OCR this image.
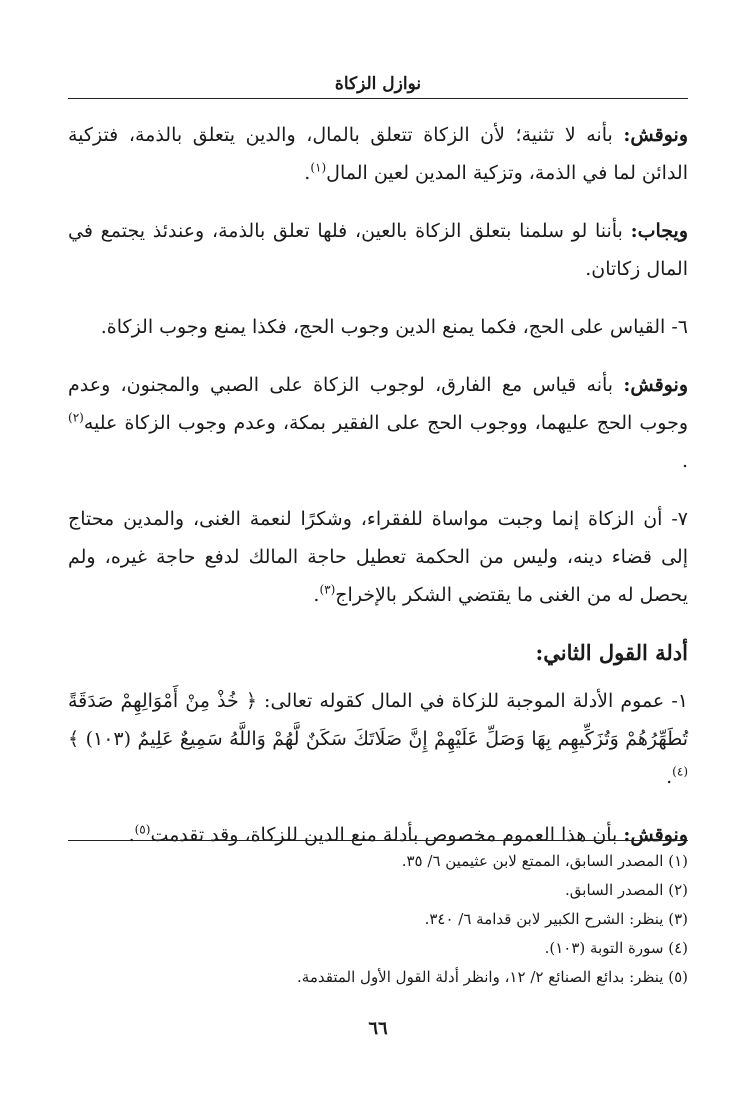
نوازل الزكاة

ونوقش: بأنه لا تثنية؛ لأن الزكاة تتعلق بالمال، والدين يتعلق بالذمة، فتزكية الدائن لما في الذمة، وتزكية المدين لعين المال$^{(١)}$.

ويجاب: بأننا لو سلمنا بتعلق الزكاة بالعين، فلها تعلق بالذمة، وعندئذ يجتمع في المال زكاتان.

٦- القياس على الحج، فكما يمنع الدين وجوب الحج، فكذا يمنع وجوب الزكاة.

ونوقش: بأنه قياس مع الفارق، لوجوب الزكاة على الصبي والمجنون، وعدم وجوب الحج عليهما، ووجوب الحج على الفقير بمكة، وعدم وجوب الزكاة عليه$^{(٢)}$ .

٧- أن الزكاة إنما وجبت مواساة للفقراء، وشكرًا لنعمة الغنى، والمدين محتاج إلى قضاء دينه، وليس من الحكمة تعطيل حاجة المالك لدفع حاجة غيره، ولم يحصل له من الغنى ما يقتضي الشكر بالإخراج$^{(٣)}$.

أدلة القول الثاني:

١- عموم الأدلة الموجبة للزكاة في المال كقوله تعالى: ﴿ خُذْ مِنْ أَمْوَالِهِمْ صَدَقَةً تُطَهِّرُهُمْ وَتُزَكِّيهِم بِهَا وَصَلِّ عَلَيْهِمْ إِنَّ صَلَاتَكَ سَكَنٌ لَّهُمْ وَاللَّهُ سَمِيعٌ عَلِيمٌ (١٠٣) ﴾$^{(٤)}$.

ونوقش: بأن هذا العموم مخصوص بأدلة منع الدين للزكاة، وقد تقدمت$^{(٥)}$.

(١) المصدر السابق، الممتع لابن عثيمين ٦/ ٣٥.
(٢) المصدر السابق.
(٣) ينظر: الشرح الكبير لابن قدامة ٦/ ٣٤٠.
(٤) سورة التوبة (١٠٣).
(٥) ينظر: بدائع الصنائع ٢/ ١٢، وانظر أدلة القول الأول المتقدمة.
٦٦
